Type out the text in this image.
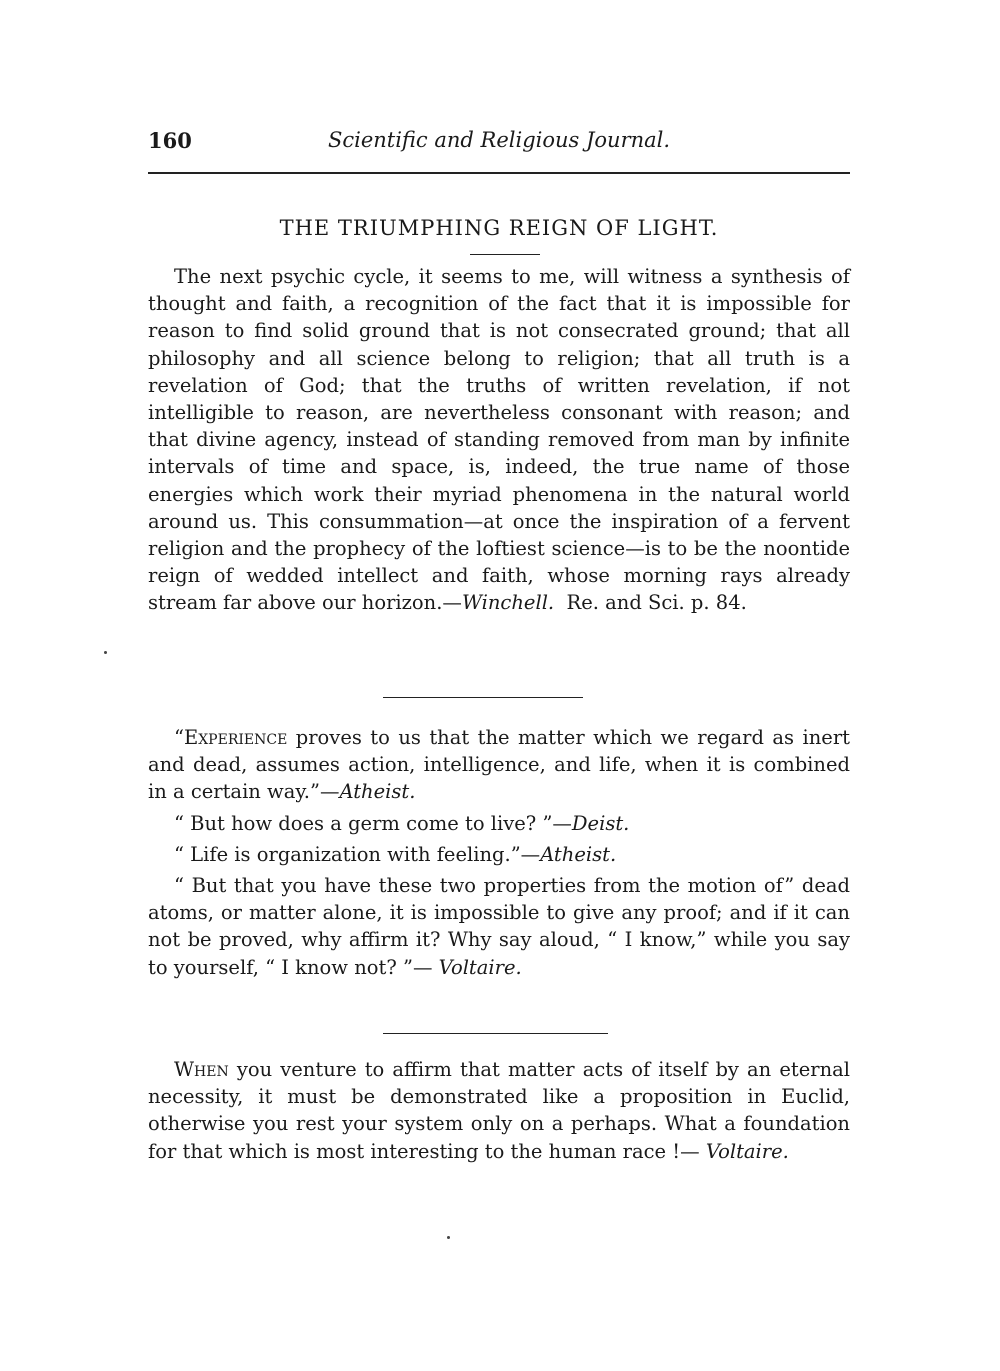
160	Scientific and Religious Journal.
THE TRIUMPHING REIGN OF LIGHT.

The next psychic cycle, it seems to me, will witness a synthesis of thought and faith, a recognition of the fact that it is impossible for reason to find solid ground that is not consecrated ground; that all philosophy and all science belong to religion; that all truth is a revelation of God; that the truths of written revelation, if not intelligible to reason, are nevertheless consonant with reason; and that divine agency, instead of standing removed from man by infinite intervals of time and space, is, indeed, the true name of those energies which work their myriad phenomena in the natural world around us. This consummation—at once the inspiration of a fervent religion and the prophecy of the loftiest science—is to be the noontide reign of wedded intellect and faith, whose morning rays already stream far above our horizon.—Winchell. Re. and Sci. p. 84.

“Experience proves to us that the matter which we regard as inert and dead, assumes action, intelligence, and life, when it is combined in a certain way.”—Atheist.

“ But how does a germ come to live? ”—Deist.

“ Life is organization with feeling.”—Atheist.

“ But that you have these two properties from the motion of” dead atoms, or matter alone, it is impossible to give any proof; and if it can not be proved, why affirm it? Why say aloud, “ I know,” while you say to yourself, “ I know not? ”— Voltaire.

When you venture to affirm that matter acts of itself by an eternal necessity, it must be demonstrated like a proposition in Euclid, otherwise you rest your system only on a perhaps. What a foundation for that which is most interesting to the human race !— Voltaire.
